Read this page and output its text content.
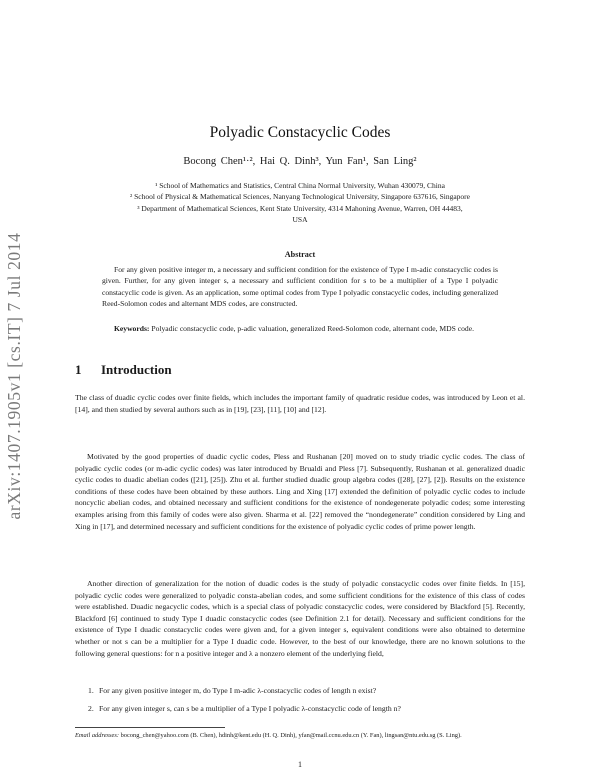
arXiv:1407.1905v1 [cs.IT] 7 Jul 2014
Polyadic Constacyclic Codes
Bocong Chen¹·², Hai Q. Dinh³, Yun Fan¹, San Ling²
¹ School of Mathematics and Statistics, Central China Normal University, Wuhan 430079, China
² School of Physical & Mathematical Sciences, Nanyang Technological University, Singapore 637616, Singapore
³ Department of Mathematical Sciences, Kent State University, 4314 Mahoning Avenue, Warren, OH 44483,
USA
Abstract
For any given positive integer m, a necessary and sufficient condition for the existence of Type I m-adic constacyclic codes is given. Further, for any given integer s, a necessary and sufficient condition for s to be a multiplier of a Type I polyadic constacyclic code is given. As an application, some optimal codes from Type I polyadic constacyclic codes, including generalized Reed-Solomon codes and alternant MDS codes, are constructed.
Keywords: Polyadic constacyclic code, p-adic valuation, generalized Reed-Solomon code, alternant code, MDS code.
1 Introduction
The class of duadic cyclic codes over finite fields, which includes the important family of quadratic residue codes, was introduced by Leon et al. [14], and then studied by several authors such as in [19], [23], [11], [10] and [12].
Motivated by the good properties of duadic cyclic codes, Pless and Rushanan [20] moved on to study triadic cyclic codes. The class of polyadic cyclic codes (or m-adic cyclic codes) was later introduced by Brualdi and Pless [7]. Subsequently, Rushanan et al. generalized duadic cyclic codes to duadic abelian codes ([21], [25]). Zhu et al. further studied duadic group algebra codes ([28], [27], [2]). Results on the existence conditions of these codes have been obtained by these authors. Ling and Xing [17] extended the definition of polyadic cyclic codes to include noncyclic abelian codes, and obtained necessary and sufficient conditions for the existence of nondegenerate polyadic codes; some interesting examples arising from this family of codes were also given. Sharma et al. [22] removed the “nondegenerate” condition considered by Ling and Xing in [17], and determined necessary and sufficient conditions for the existence of polyadic cyclic codes of prime power length.
Another direction of generalization for the notion of duadic codes is the study of polyadic constacyclic codes over finite fields. In [15], polyadic cyclic codes were generalized to polyadic consta-abelian codes, and some sufficient conditions for the existence of this class of codes were established. Duadic negacyclic codes, which is a special class of polyadic constacyclic codes, were considered by Blackford [5]. Recently, Blackford [6] continued to study Type I duadic constacyclic codes (see Definition 2.1 for detail). Necessary and sufficient conditions for the existence of Type I duadic constacyclic codes were given and, for a given integer s, equivalent conditions were also obtained to determine whether or not s can be a multiplier for a Type I duadic code. However, to the best of our knowledge, there are no known solutions to the following general questions: for n a positive integer and λ a nonzero element of the underlying field,
1. For any given positive integer m, do Type I m-adic λ-constacyclic codes of length n exist?
2. For any given integer s, can s be a multiplier of a Type I polyadic λ-constacyclic code of length n?
Email addresses: bocong_chen@yahoo.com (B. Chen), hdinh@kent.edu (H. Q. Dinh), yfan@mail.ccnu.edu.cn (Y. Fan), lingsan@ntu.edu.sg (S. Ling).
1
